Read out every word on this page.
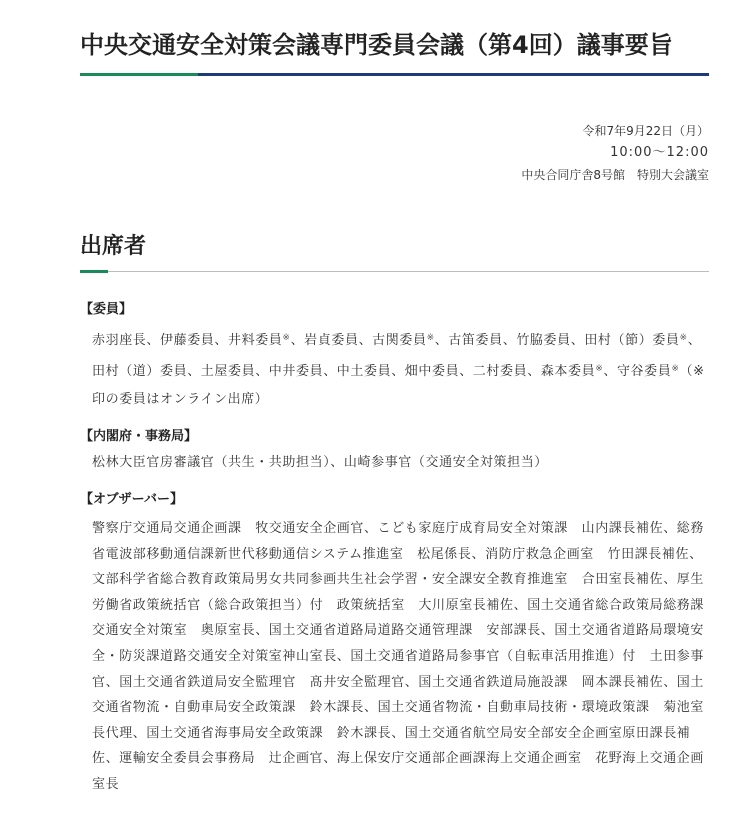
中央交通安全対策会議専門委員会議（第4回）議事要旨
令和7年9月22日（月）
10:00～12:00
中央合同庁舎8号館　特別大会議室
出席者
【委員】

赤羽座長、伊藤委員、井料委員※、岩貞委員、古関委員※、古笛委員、竹脇委員、田村（節）委員※、田村（道）委員、土屋委員、中井委員、中土委員、畑中委員、二村委員、森本委員※、守谷委員※（※印の委員はオンライン出席）

【内閣府・事務局】

松林大臣官房審議官（共生・共助担当）、山崎参事官（交通安全対策担当）

【オブザーバー】

警察庁交通局交通企画課　牧交通安全企画官、こども家庭庁成育局安全対策課　山内課長補佐、総務省電波部移動通信課新世代移動通信システム推進室　松尾係長、消防庁救急企画室　竹田課長補佐、文部科学省総合教育政策局男女共同参画共生社会学習・安全課安全教育推進室　合田室長補佐、厚生労働省政策統括官（総合政策担当）付　政策統括室　大川原室長補佐、国土交通省総合政策局総務課交通安全対策室　奥原室長、国土交通省道路局道路交通管理課　安部課長、国土交通省道路局環境安全・防災課道路交通安全対策室神山室長、国土交通省道路局参事官（自転車活用推進）付　土田参事官、国土交通省鉄道局安全監理官　髙井安全監理官、国土交通省鉄道局施設課　岡本課長補佐、国土交通省物流・自動車局安全政策課　鈴木課長、国土交通省物流・自動車局技術・環境政策課　菊池室長代理、国土交通省海事局安全政策課　鈴木課長、国土交通省航空局安全部安全企画室原田課長補佐、運輸安全委員会事務局　辻企画官、海上保安庁交通部企画課海上交通企画室　花野海上交通企画室長
